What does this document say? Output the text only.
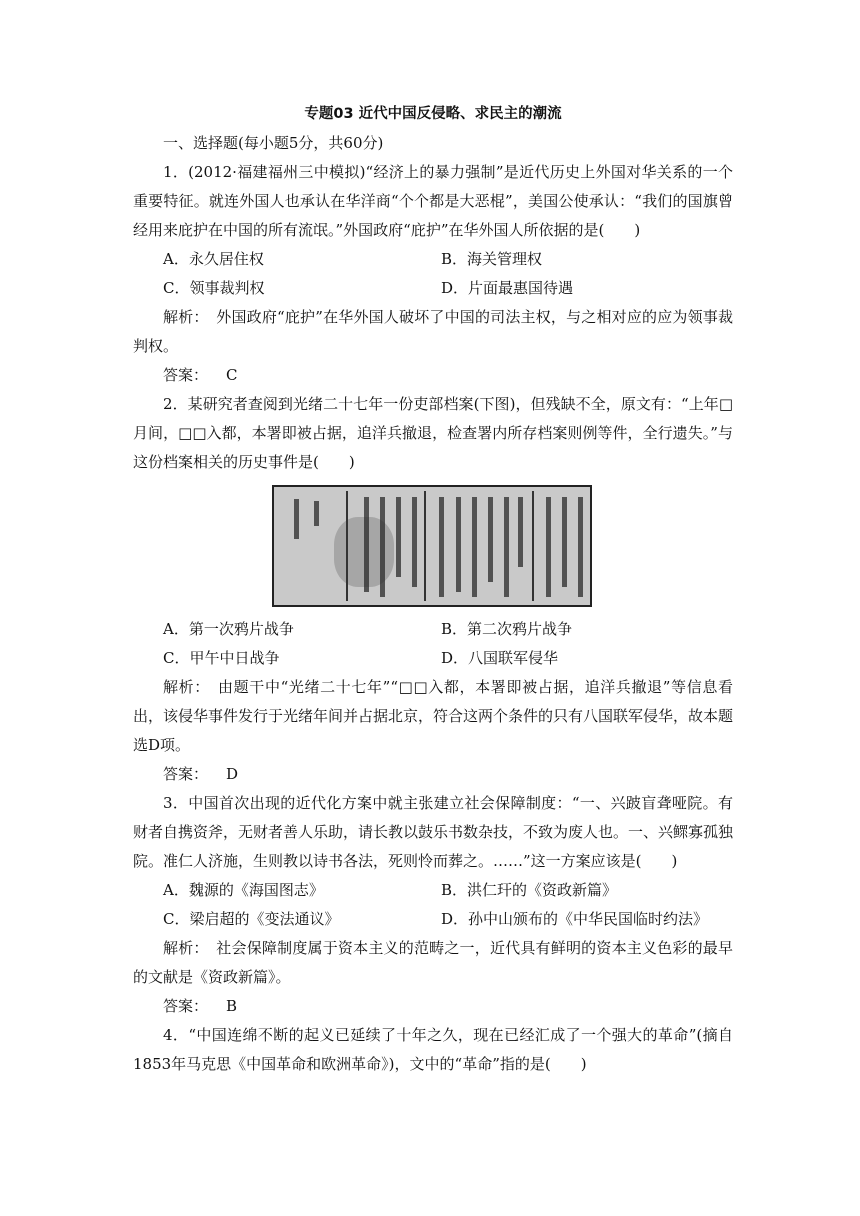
专题03 近代中国反侵略、求民主的潮流

一、选择题(每小题5分，共60分)

1．(2012·福建福州三中模拟)“经济上的暴力强制”是近代历史上外国对华关系的一个重要特征。就连外国人也承认在华洋商“个个都是大恶棍”，美国公使承认：“我们的国旗曾经用来庇护在中国的所有流氓。”外国政府“庇护”在华外国人所依据的是(　　)

A．永久居住权	B．海关管理权
C．领事裁判权	D．片面最惠国待遇

解析：　外国政府“庇护”在华外国人破坏了中国的司法主权，与之相对应的应为领事裁判权。

答案： C

2．某研究者查阅到光绪二十七年一份吏部档案(下图)，但残缺不全，原文有：“上年□月间，□□入都，本署即被占据，追洋兵撤退，检查署内所存档案则例等件，全行遗失。”与这份档案相关的历史事件是(　　)

A．第一次鸦片战争	B．第二次鸦片战争
C．甲午中日战争	D．八国联军侵华

解析：　由题干中“光绪二十七年”“□□入都，本署即被占据，追洋兵撤退”等信息看出，该侵华事件发行于光绪年间并占据北京，符合这两个条件的只有八国联军侵华，故本题选D项。

答案： D

3．中国首次出现的近代化方案中就主张建立社会保障制度：“一、兴跛盲聋哑院。有财者自携资斧，无财者善人乐助，请长教以鼓乐书数杂技，不致为废人也。一、兴鳏寡孤独院。准仁人济施，生则教以诗书各法，死则怜而葬之。……”这一方案应该是(　　)

A．魏源的《海国图志》	B．洪仁玕的《资政新篇》
C．梁启超的《变法通议》	D．孙中山颁布的《中华民国临时约法》

解析：　社会保障制度属于资本主义的范畴之一，近代具有鲜明的资本主义色彩的最早的文献是《资政新篇》。

答案： B

4．“中国连绵不断的起义已延续了十年之久，现在已经汇成了一个强大的革命”(摘自1853年马克思《中国革命和欧洲革命》)，文中的“革命”指的是(　　)
